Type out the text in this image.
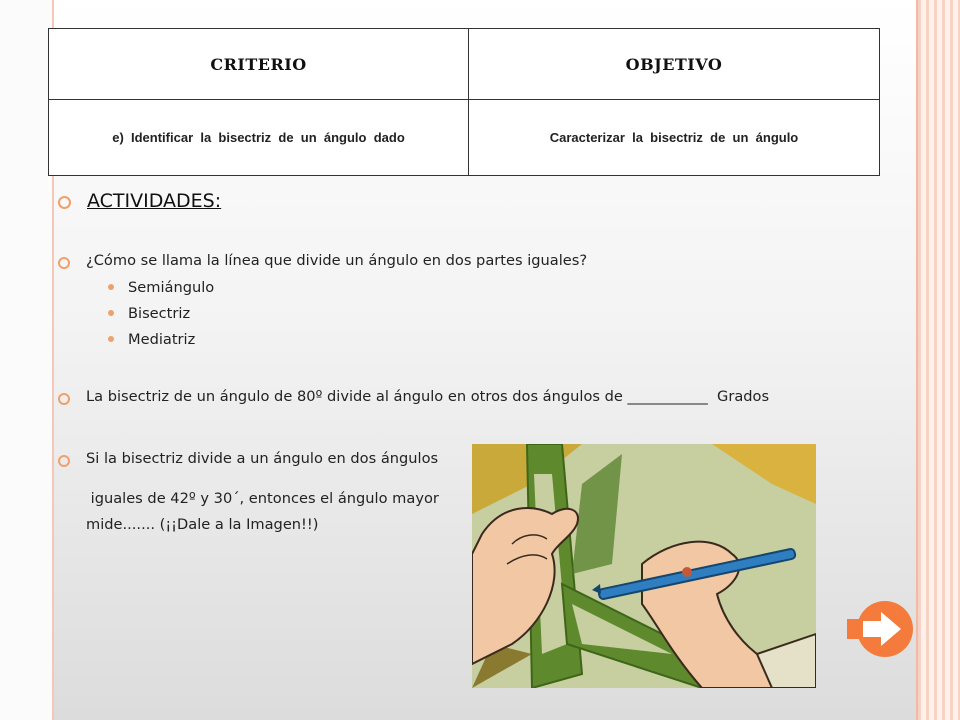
CRITERIO	OBJETIVO
e)  Identificar  la  bisectriz  de  un  ángulo  dado	Caracterizar  la  bisectriz  de  un  ángulo
ACTIVIDADES:
¿Cómo se llama la línea que divide un ángulo en dos partes iguales?
Semiángulo
Bisectriz
Mediatriz
La bisectriz de un ángulo de 80º divide al ángulo en otros dos ángulos de ___________  Grados
Si la bisectriz divide a un ángulo en dos ángulos
iguales de 42º y 30´, entonces el ángulo mayor
mide....... (¡¡Dale a la Imagen!!)
